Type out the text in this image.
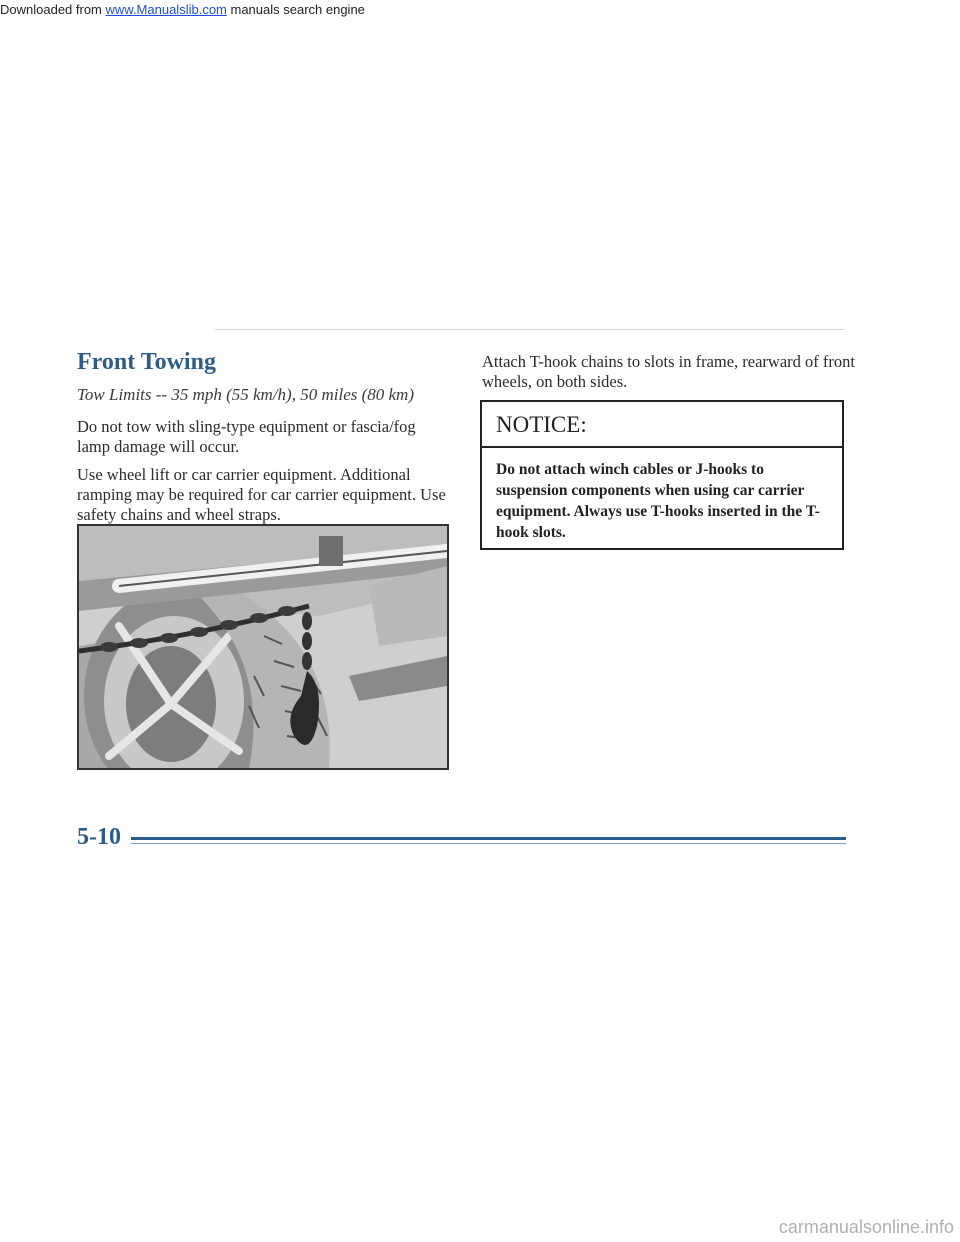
Downloaded from www.Manualslib.com manuals search engine
Front Towing
Tow Limits -- 35 mph (55 km/h), 50 miles (80 km)
Do not tow with sling-type equipment or fascia/fog lamp damage will occur.
Use wheel lift or car carrier equipment. Additional ramping may be required for car carrier equipment. Use safety chains and wheel straps.
Attach T-hook chains to slots in frame, rearward of front wheels, on both sides.
NOTICE:
Do not attach winch cables or J-hooks to suspension components when using car carrier equipment. Always use T-hooks inserted in the T-hook slots.
5-10
carmanualsonline.info
